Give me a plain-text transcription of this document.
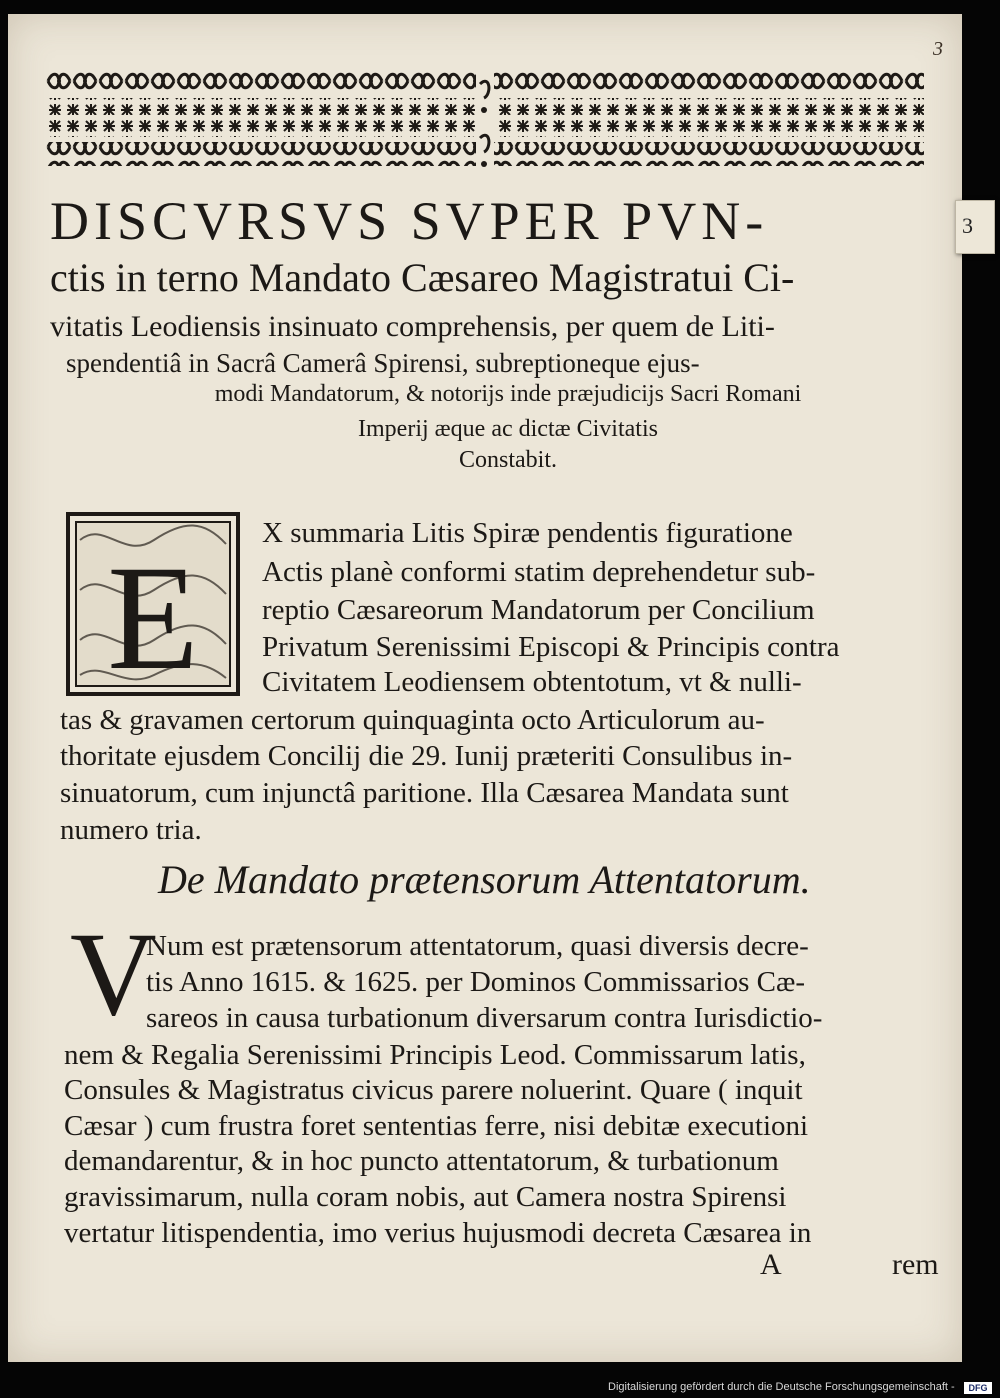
3
DISCVRSVS SVPER PVN-
ctis in terno Mandato Cæsareo Magistratui Ci-
vitatis Leodiensis insinuato comprehensis, per quem de Liti-
spendentiâ in Sacrâ Camerâ Spirensi, subreptioneque ejus-
modi Mandatorum, & notorijs inde præjudicijs Sacri Romani
Imperij æque ac dictæ Civitatis
Constabit.
E
X summaria Litis Spiræ pendentis figuratione
Actis planè conformi statim deprehendetur sub-
reptio Cæsareorum Mandatorum per Concilium
Privatum Serenissimi Episcopi & Principis contra
Civitatem Leodiensem obtentotum, vt & nulli-
tas & gravamen certorum quinquaginta octo Articulorum au-
thoritate ejusdem Concilij die 29. Iunij præteriti Consulibus in-
sinuatorum, cum injunctâ paritione. Illa Cæsarea Mandata sunt
numero tria.
De Mandato prætensorum Attentatorum.
V
Num est prætensorum attentatorum, quasi diversis decre-
tis Anno 1615. & 1625. per Dominos Commissarios Cæ-
sareos in causa turbationum diversarum contra Iurisdictio-
nem & Regalia Serenissimi Principis Leod. Commissarum latis,
Consules & Magistratus civicus parere noluerint. Quare ( inquit
Cæsar ) cum frustra foret sententias ferre, nisi debitæ executioni
demandarentur, & in hoc puncto attentatorum, & turbationum
gravissimarum, nulla coram nobis, aut Camera nostra Spirensi
vertatur litispendentia, imo verius hujusmodi decreta Cæsarea in
A	rem
3
Digitalisierung gefördert durch die Deutsche Forschungsgemeinschaft -	DFG
